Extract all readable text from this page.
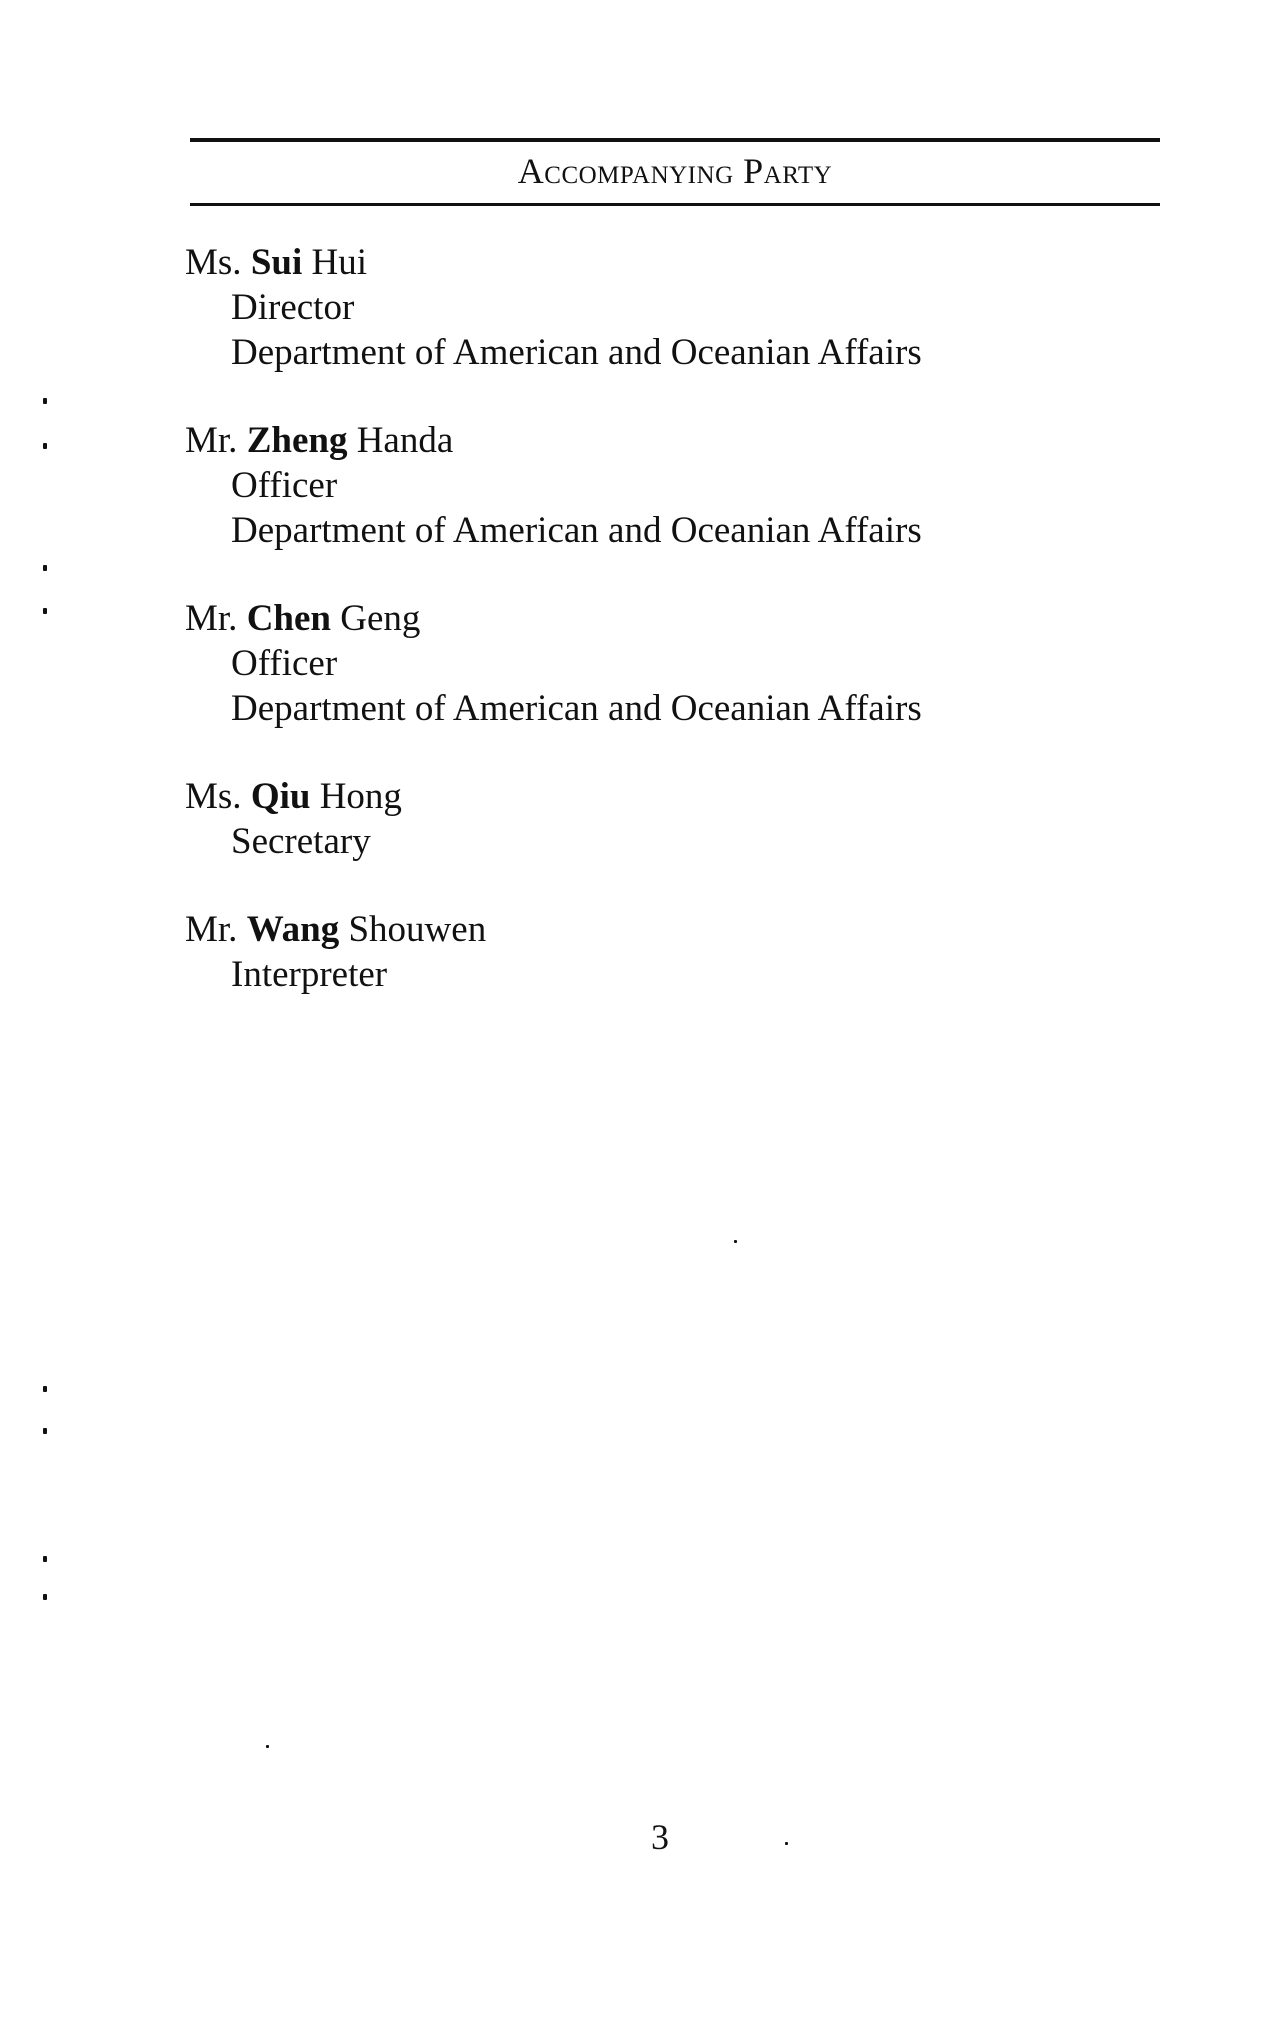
Accompanying Party
Ms. Sui Hui
Director
Department of American and Oceanian Affairs
Mr. Zheng Handa
Officer
Department of American and Oceanian Affairs
Mr. Chen Geng
Officer
Department of American and Oceanian Affairs
Ms. Qiu Hong
Secretary
Mr. Wang Shouwen
Interpreter
3
